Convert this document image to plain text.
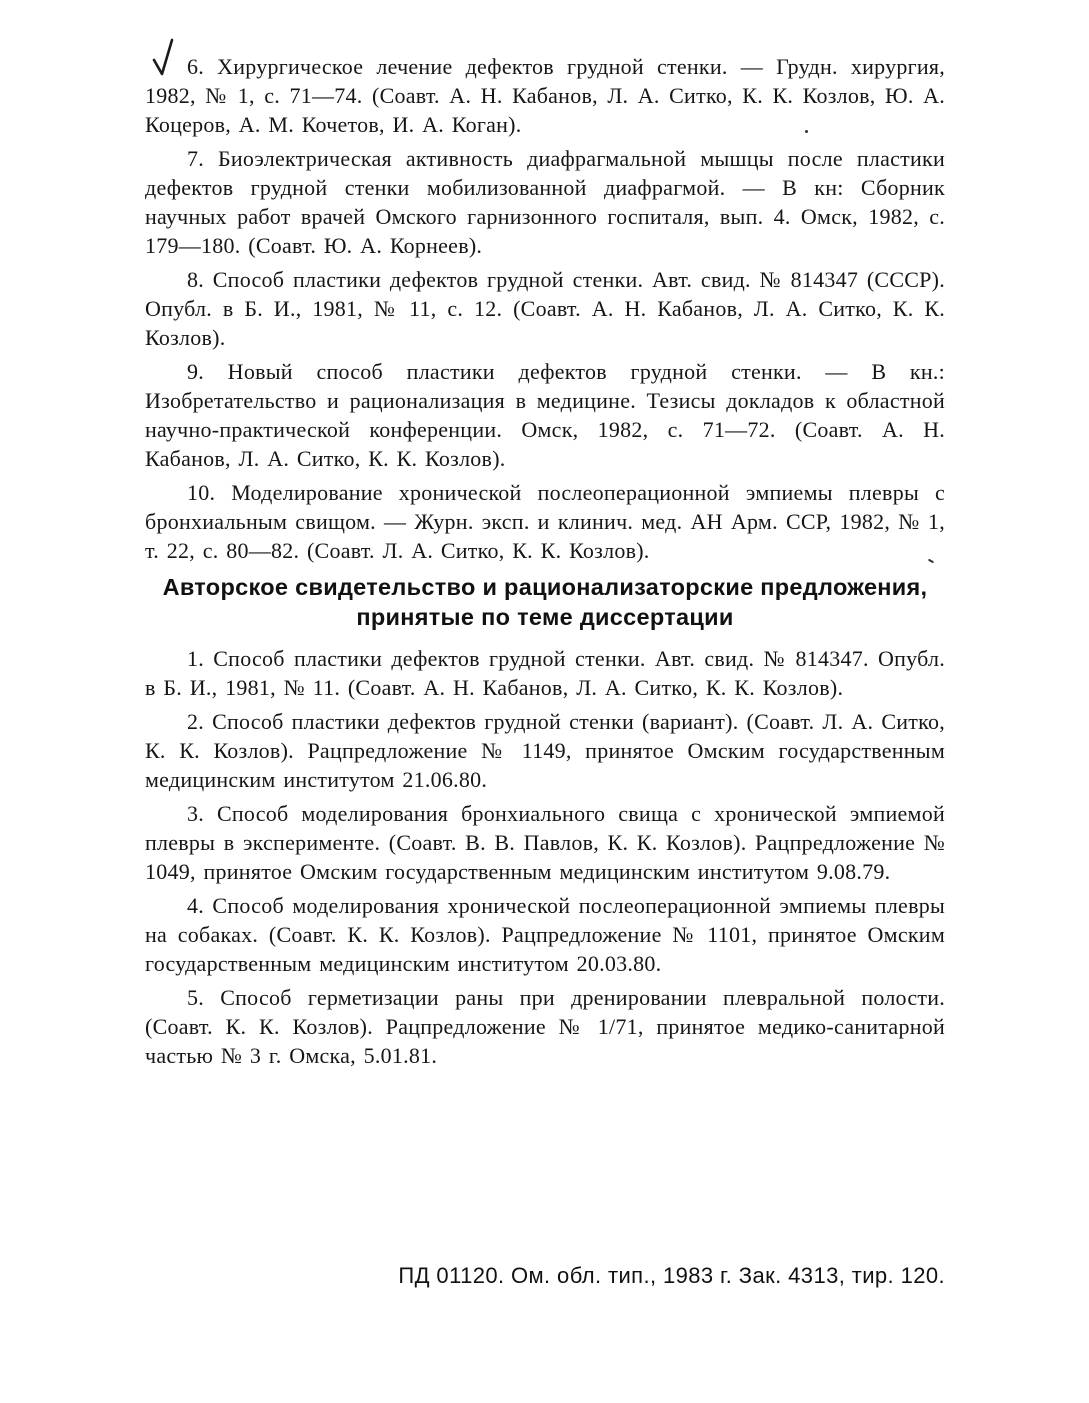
6. Хирургическое лечение дефектов грудной стенки. — Грудн. хирургия, 1982, № 1, с. 71—74. (Соавт. А. Н. Кабанов, Л. А. Ситко, К. К. Козлов, Ю. А. Коцеров, А. М. Кочетов, И. А. Коган).

7. Биоэлектрическая активность диафрагмальной мышцы после пластики дефектов грудной стенки мобилизованной диафрагмой. — В кн: Сборник научных работ врачей Омского гарнизонного госпиталя, вып. 4. Омск, 1982, с. 179—180. (Соавт. Ю. А. Корнеев).

8. Способ пластики дефектов грудной стенки. Авт. свид. № 814347 (СССР). Опубл. в Б. И., 1981, № 11, с. 12. (Соавт. А. Н. Кабанов, Л. А. Ситко, К. К. Козлов).

9. Новый способ пластики дефектов грудной стенки. — В кн.: Изобретательство и рационализация в медицине. Тезисы докладов к областной научно-практической конференции. Омск, 1982, с. 71—72. (Соавт. А. Н. Кабанов, Л. А. Ситко, К. К. Козлов).

10. Моделирование хронической послеоперационной эмпиемы плевры с бронхиальным свищом. — Журн. эксп. и клинич. мед. АН Арм. ССР, 1982, № 1, т. 22, с. 80—82. (Соавт. Л. А. Ситко, К. К. Козлов).

Авторское свидетельство и рационализаторские предложения, принятые по теме диссертации

1. Способ пластики дефектов грудной стенки. Авт. свид. № 814347. Опубл. в Б. И., 1981, № 11. (Соавт. А. Н. Кабанов, Л. А. Ситко, К. К. Козлов).

2. Способ пластики дефектов грудной стенки (вариант). (Соавт. Л. А. Ситко, К. К. Козлов). Рацпредложение № 1149, принятое Омским государственным медицинским институтом 21.06.80.

3. Способ моделирования бронхиального свища с хронической эмпиемой плевры в эксперименте. (Соавт. В. В. Павлов, К. К. Козлов). Рацпредложение № 1049, принятое Омским государственным медицинским институтом 9.08.79.

4. Способ моделирования хронической послеоперационной эмпиемы плевры на собаках. (Соавт. К. К. Козлов). Рацпредложение № 1101, принятое Омским государственным медицинским институтом 20.03.80.

5. Способ герметизации раны при дренировании плевральной полости. (Соавт. К. К. Козлов). Рацпредложение № 1/71, принятое медико-санитарной частью № 3 г. Омска, 5.01.81.

ПД 01120. Ом. обл. тип., 1983 г. Зак. 4313, тир. 120.
